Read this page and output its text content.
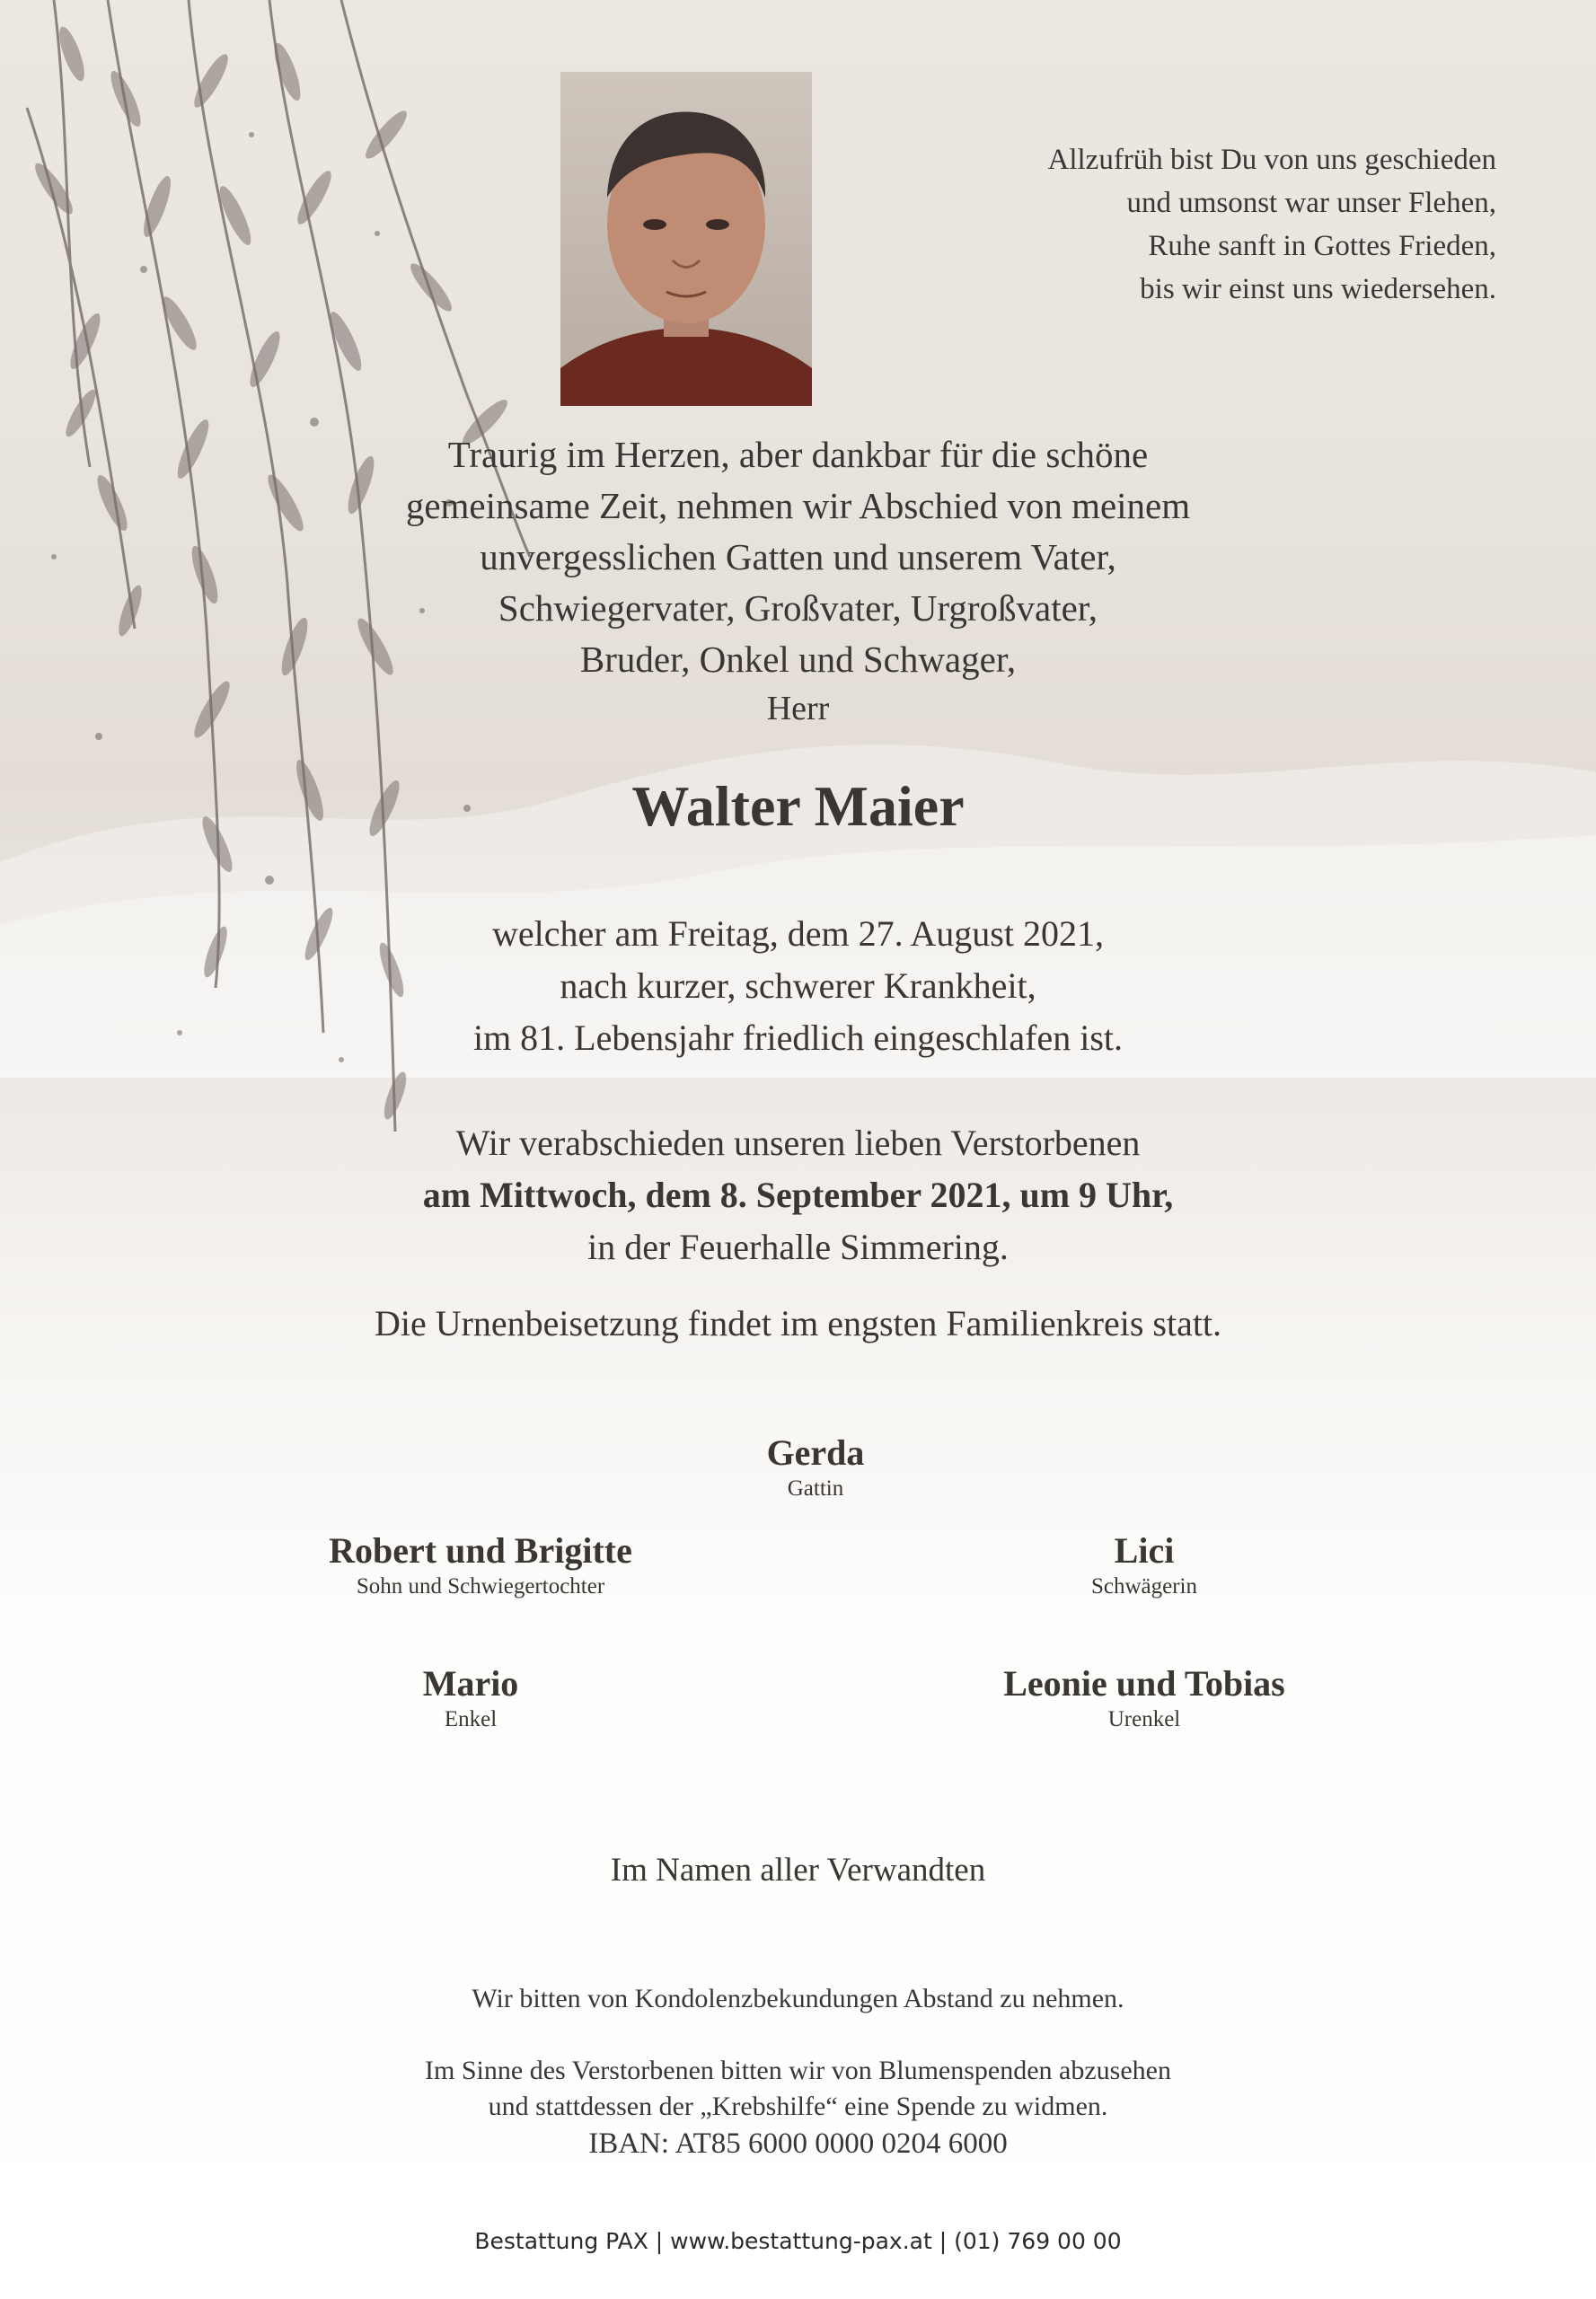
Allzufrüh bist Du von uns geschieden
und umsonst war unser Flehen,
Ruhe sanft in Gottes Frieden,
bis wir einst uns wiedersehen.
Traurig im Herzen, aber dankbar für die schöne
gemeinsame Zeit, nehmen wir Abschied von meinem
unvergesslichen Gatten und unserem Vater,
Schwiegervater, Großvater, Urgroßvater,
Bruder, Onkel und Schwager,
Herr
Walter Maier
welcher am Freitag, dem 27. August 2021,
nach kurzer, schwerer Krankheit,
im 81. Lebensjahr friedlich eingeschlafen ist.
Wir verabschieden unseren lieben Verstorbenen
am Mittwoch, dem 8. September 2021, um 9 Uhr,
in der Feuerhalle Simmering.
Die Urnenbeisetzung findet im engsten Familienkreis statt.
Gerda
Gattin
Robert und Brigitte
Sohn und Schwiegertochter
Lici
Schwägerin
Mario
Enkel
Leonie und Tobias
Urenkel
Im Namen aller Verwandten
Wir bitten von Kondolenzbekundungen Abstand zu nehmen.
Im Sinne des Verstorbenen bitten wir von Blumenspenden abzusehen
und stattdessen der „Krebshilfe“ eine Spende zu widmen.
IBAN: AT85 6000 0000 0204 6000
Bestattung PAX | www.bestattung-pax.at | (01) 769 00 00
